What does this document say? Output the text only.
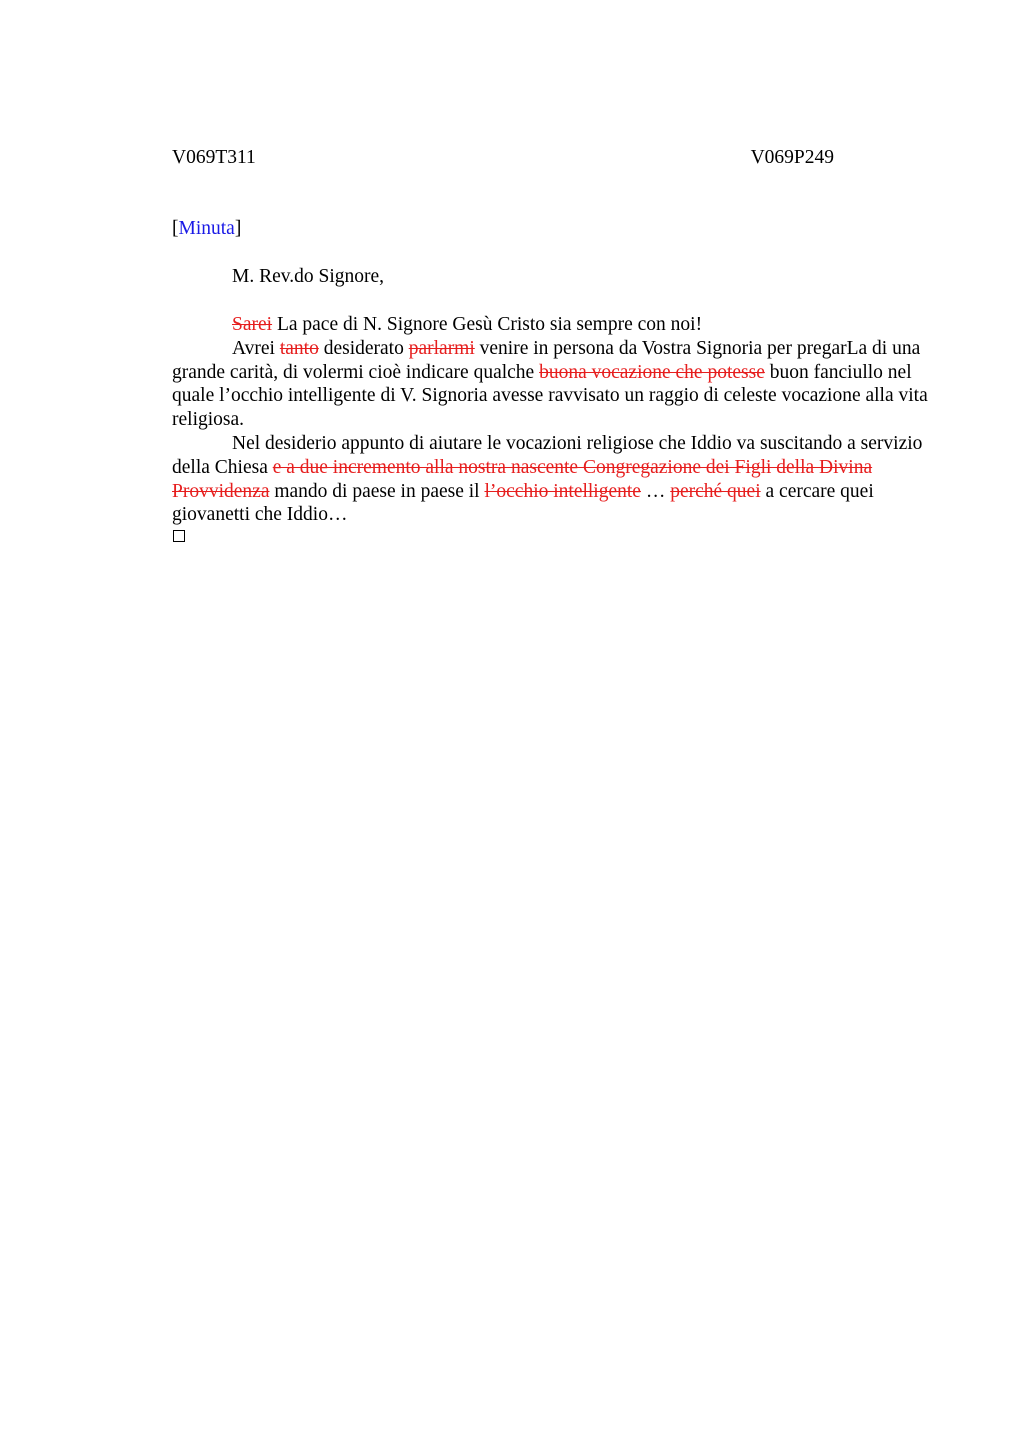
V069T311	V069P249
[Minuta]
M. Rev.do Signore,

Sarei La pace di N. Signore Gesù Cristo sia sempre con noi!

Avrei tanto desiderato parlarmi venire in persona da Vostra Signoria per pregarLa di una grande carità, di volermi cioè indicare qualche buona vocazione che potesse buon fanciullo nel quale l’occhio intelligente di V. Signoria avesse ravvisato un raggio di celeste vocazione alla vita religiosa.

Nel desiderio appunto di aiutare le vocazioni religiose che Iddio va suscitando a servizio della Chiesa e a due incremento alla nostra nascente Congregazione dei Figli della Divina Provvidenza mando di paese in paese il l’occhio intelligente … perché quei a cercare quei giovanetti che Iddio…
